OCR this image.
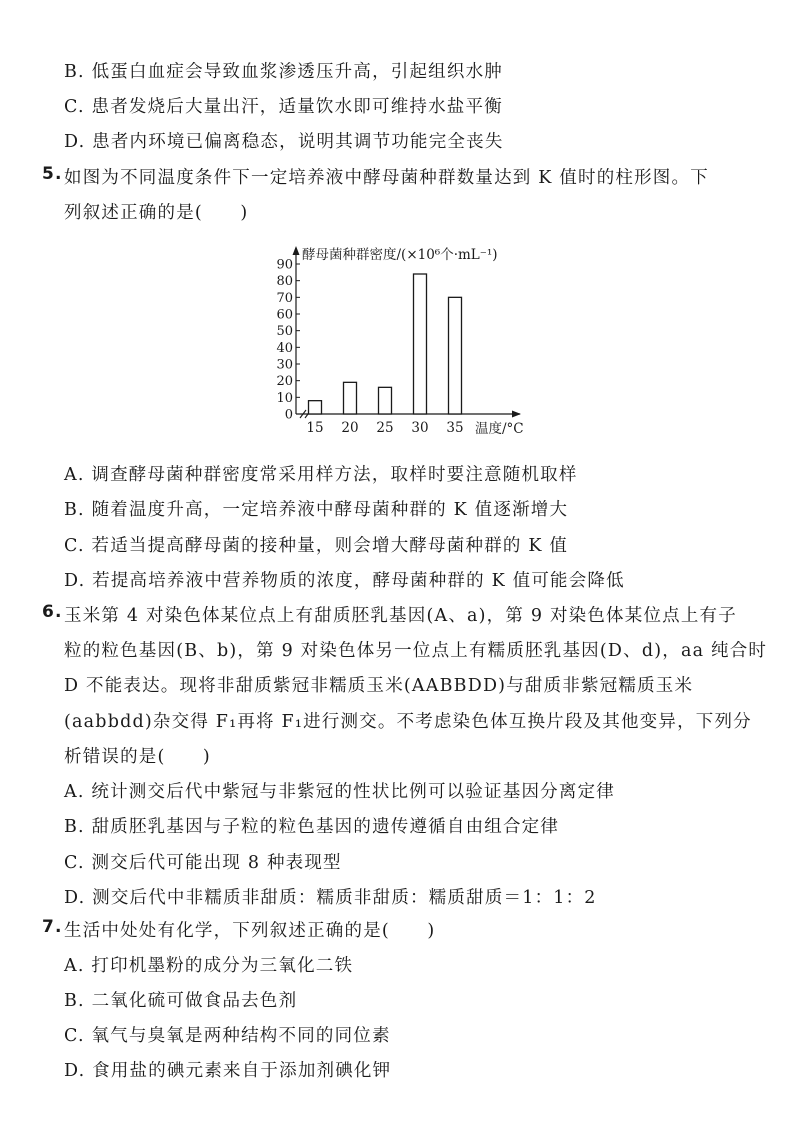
B. 低蛋白血症会导致血浆渗透压升高，引起组织水肿
C. 患者发烧后大量出汗，适量饮水即可维持水盐平衡
D. 患者内环境已偏离稳态，说明其调节功能完全丧失
5. 如图为不同温度条件下一定培养液中酵母菌种群数量达到 K 值时的柱形图。下
列叙述正确的是(　　)
0
10
20
30
40
50
60
70
80
90
15 20 25 30 35
酵母菌种群密度/(×10⁶个·mL⁻¹)
温度/°C
A. 调查酵母菌种群密度常采用样方法，取样时要注意随机取样
B. 随着温度升高，一定培养液中酵母菌种群的 K 值逐渐增大
C. 若适当提高酵母菌的接种量，则会增大酵母菌种群的 K 值
D. 若提高培养液中营养物质的浓度，酵母菌种群的 K 值可能会降低
6. 玉米第 4 对染色体某位点上有甜质胚乳基因(A、a)，第 9 对染色体某位点上有子
粒的粒色基因(B、b)，第 9 对染色体另一位点上有糯质胚乳基因(D、d)，aa 纯合时
D 不能表达。现将非甜质紫冠非糯质玉米(AABBDD)与甜质非紫冠糯质玉米
(aabbdd)杂交得 F₁再将 F₁进行测交。不考虑染色体互换片段及其他变异，下列分
析错误的是(　　)
A. 统计测交后代中紫冠与非紫冠的性状比例可以验证基因分离定律
B. 甜质胚乳基因与子粒的粒色基因的遗传遵循自由组合定律
C. 测交后代可能出现 8 种表现型
D. 测交后代中非糯质非甜质：糯质非甜质：糯质甜质＝1：1：2
7. 生活中处处有化学，下列叙述正确的是(　　)
A. 打印机墨粉的成分为三氧化二铁
B. 二氧化硫可做食品去色剂
C. 氧气与臭氧是两种结构不同的同位素
D. 食用盐的碘元素来自于添加剂碘化钾
